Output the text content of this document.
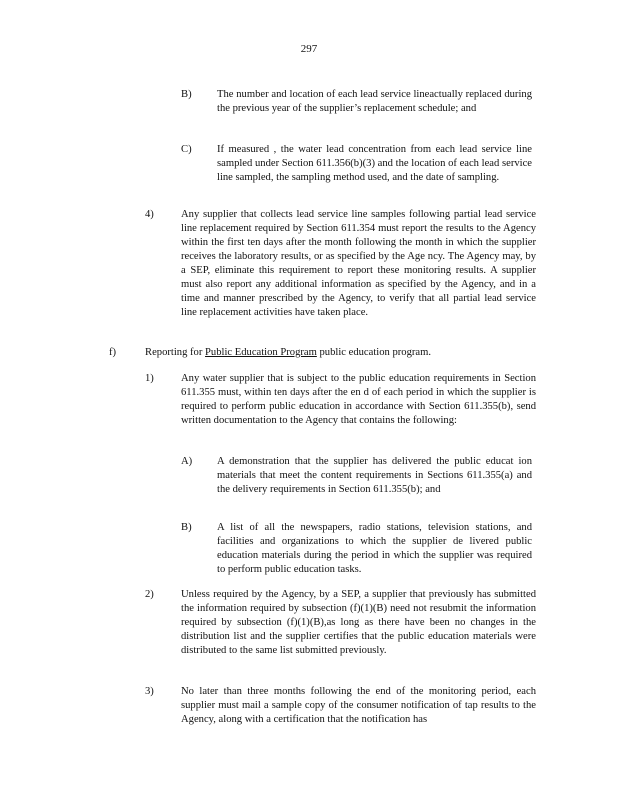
297
B) The number and location of each lead service lineactually replaced during the previous year of the supplier’s replacement schedule; and
C) If measured , the water lead concentration from each lead service line sampled under Section 611.356(b)(3) and the location of each lead service line sampled, the sampling method used, and the date of sampling.
4)	Any supplier that collects lead service line samples following partial lead service line replacement required by Section 611.354 must report the results to the Agency within the first ten days after the month following the month in which the supplier receives the laboratory results, or as specified by the Age ncy. The Agency may, by a SEP, eliminate this requirement to report these monitoring results. A supplier must also report any additional information as specified by the Agency, and in a time and manner prescribed by the Agency, to verify that all partial lead service line replacement activities have taken place.
f)	Reporting for Public Education Program public education program.
1)	Any water supplier that is subject to the public education requirements in Section 611.355 must, within ten days after the en d of each period in which the supplier is required to perform public education in accordance with Section 611.355(b), send written documentation to the Agency that contains the following:
A) A demonstration that the supplier has delivered the public educat ion materials that meet the content requirements in Sections 611.355(a) and the delivery requirements in Section 611.355(b); and
B) A list of all the newspapers, radio stations, television stations, and facilities and organizations to which the supplier de livered public education materials during the period in which the supplier was required to perform public education tasks.
2)	Unless required by the Agency, by a SEP, a supplier that previously has submitted the information required by subsection (f)(1)(B) need not resubmit the information required by subsection (f)(1)(B),as long as there have been no changes in the distribution list and the supplier certifies that the public education materials were distributed to the same list submitted previously.
3)	No later than three months following the end of the monitoring period, each supplier must mail a sample copy of the consumer notification of tap results to the Agency, along with a certification that the notification has
